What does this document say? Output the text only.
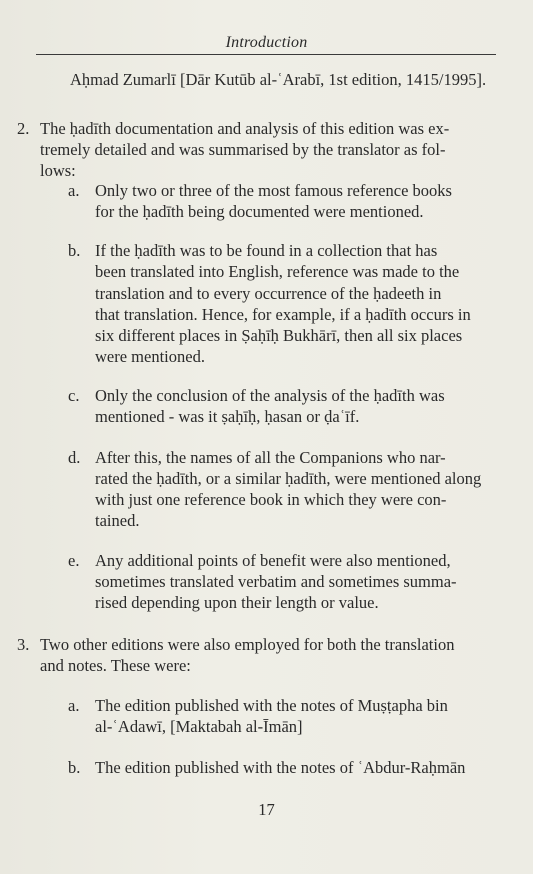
Introduction
Aḥmad Zumarlī [Dār Kutūb al-ʿArabī, 1st edition, 1415/1995].
2. The ḥadīth documentation and analysis of this edition was ex-
tremely detailed and was summarised by the translator as fol-
lows:
a. Only two or three of the most famous reference books
for the ḥadīth being documented were mentioned.
b. If the ḥadīth was to be found in a collection that has
been translated into English, reference was made to the
translation and to every occurrence of the ḥadeeth in
that translation. Hence, for example, if a ḥadīth occurs in
six different places in Ṣaḥīḥ Bukhārī, then all six places
were mentioned.
c. Only the conclusion of the analysis of the ḥadīth was
mentioned - was it ṣaḥīḥ, ḥasan or ḍaʿīf.
d. After this, the names of all the Companions who nar-
rated the ḥadīth, or a similar ḥadīth, were mentioned along
with just one reference book in which they were con-
tained.
e. Any additional points of benefit were also mentioned,
sometimes translated verbatim and sometimes summa-
rised depending upon their length or value.
3. Two other editions were also employed for both the translation
and notes. These were:
a. The edition published with the notes of Muṣṭapha bin
al-ʿAdawī, [Maktabah al-Īmān]
b. The edition published with the notes of ʿAbdur-Raḥmān
17
